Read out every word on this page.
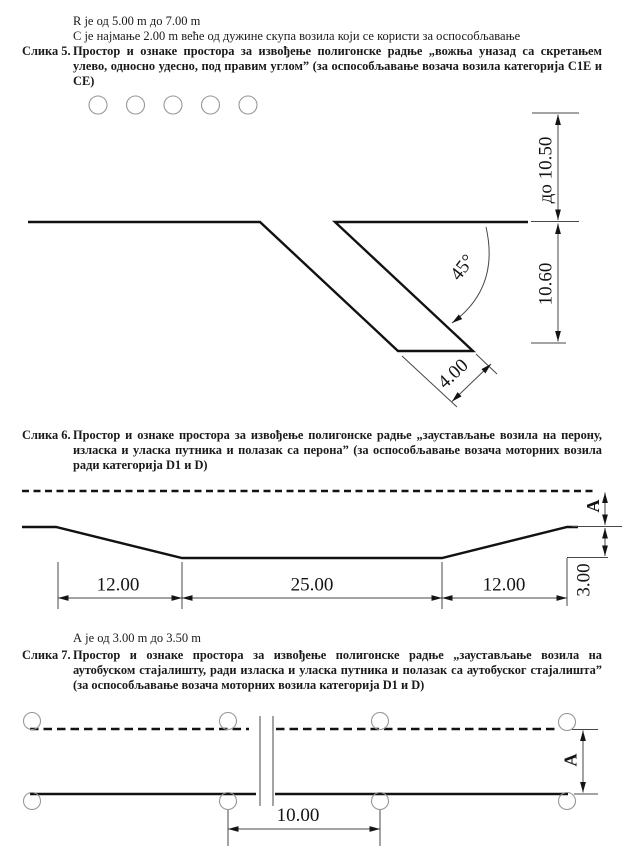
R је од 5.00 m до 7.00 m
C је најмање 2.00 m веће од дужине скупа возила који се користи за оспособљавање
Слика 5. Простор и ознаке простора за извођење полигонске радње „вожња уназад са скретањем улево, односно удесно, под правим углом” (за оспособљавање возача возила категорија C1E и CE)
до 10.50
10.60
45°
4.00
Слика 6. Простор и ознаке простора за извођење полигонске радње „заустављање возила на перону, изласка и уласка путника и полазак са перона” (за оспособљавање возача моторних возила ради категорија D1 и D)
А
3.00
12.00	25.00	12.00
А је од 3.00 m до 3.50 m
Слика 7. Простор и ознаке простора за извођење полигонске радње „заустављање возила на аутобуском стајалишту, ради изласка и уласка путника и полазак са аутобуског стајалишта” (за оспособљавање возача моторних возила категорија D1 и D)
10.00
А
